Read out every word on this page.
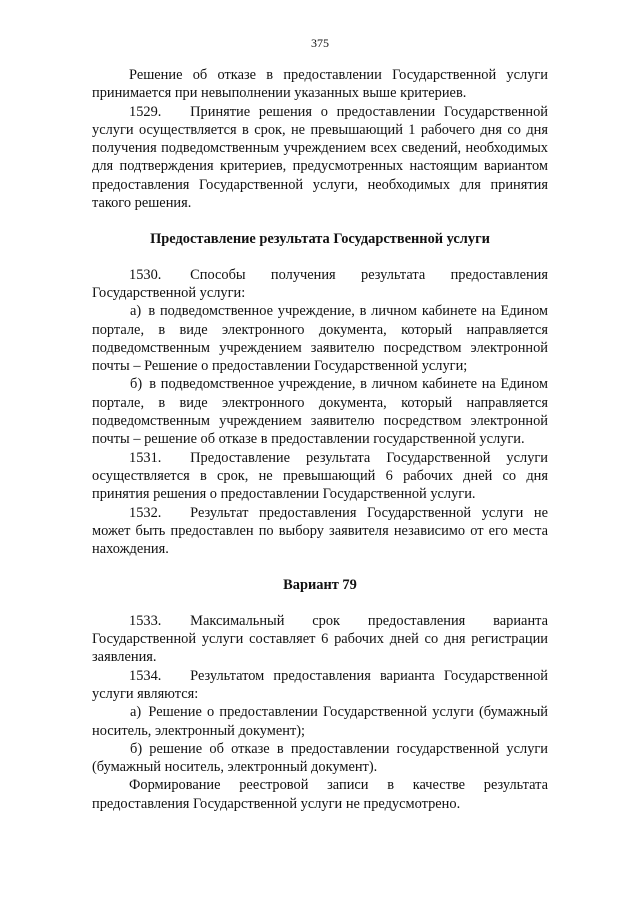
375

Решение об отказе в предоставлении Государственной услуги принимается при невыполнении указанных выше критериев.

1529.  Принятие решения о предоставлении Государственной услуги осуществляется в срок, не превышающий 1 рабочего дня со дня получения подведомственным учреждением всех сведений, необходимых для подтверждения критериев, предусмотренных настоящим вариантом предоставления Государственной услуги, необходимых для принятия такого решения.

Предоставление результата Государственной услуги

1530.  Способы получения результата предоставления Государственной услуги:

а) в подведомственное учреждение, в личном кабинете на Едином портале, в виде электронного документа, который направляется подведомственным учреждением заявителю посредством электронной почты – Решение о предоставлении Государственной услуги;

б) в подведомственное учреждение, в личном кабинете на Едином портале, в виде электронного документа, который направляется подведомственным учреждением заявителю посредством электронной почты – решение об отказе в предоставлении государственной услуги.

1531.  Предоставление результата Государственной услуги осуществляется в срок, не превышающий 6 рабочих дней со дня принятия решения о предоставлении Государственной услуги.

1532.  Результат предоставления Государственной услуги не может быть предоставлен по выбору заявителя независимо от его места нахождения.

Вариант 79

1533.  Максимальный срок предоставления варианта Государственной услуги составляет 6 рабочих дней со дня регистрации заявления.

1534.  Результатом предоставления варианта Государственной услуги являются:

а) Решение о предоставлении Государственной услуги (бумажный носитель, электронный документ);

б) решение об отказе в предоставлении государственной услуги (бумажный носитель, электронный документ).

Формирование реестровой записи в качестве результата предоставления Государственной услуги не предусмотрено.
